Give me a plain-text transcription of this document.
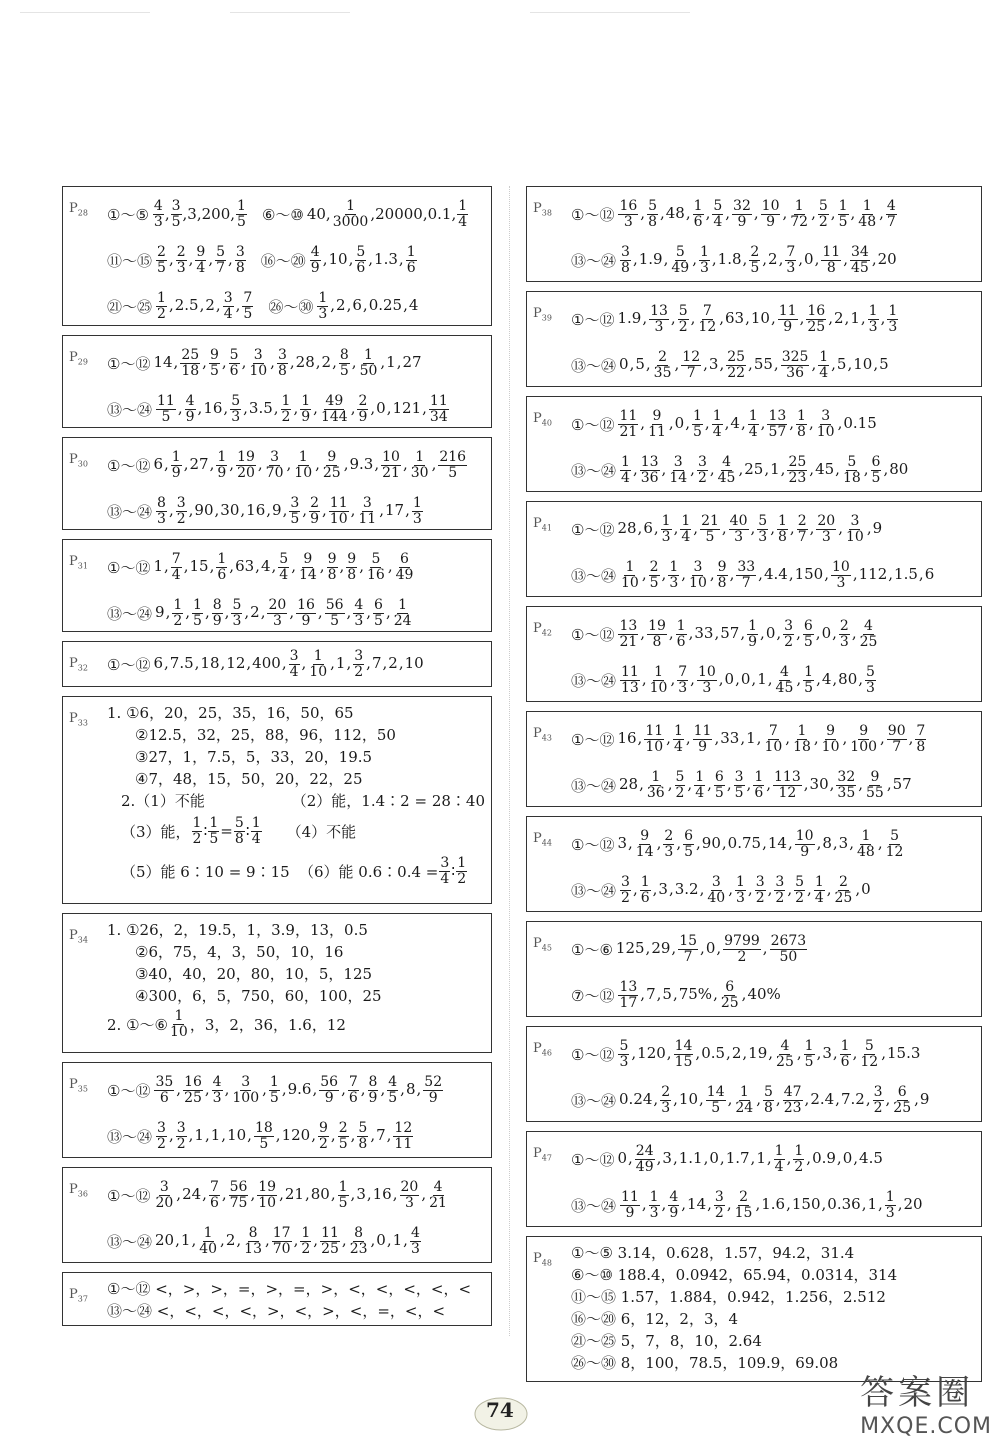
$P_{28}$ ①～⑤ $\frac{4}{3}$ , $\frac{3}{5} ,3,200$, $\frac{1}{5}$ ⑥～⑩ 40, $\frac{1}{3000} ,20000,0.1$, $\frac{1}{4}$
⑪～⑮ $\frac{2}{5}$ , $\frac{2}{3}$ , $\frac{9}{4}$ , $\frac{5}{7}$ , $\frac{3}{8}$ ⑯～⑳ $\frac{4}{9} ,10$, $\frac{5}{6} ,1.3$, $\frac{1}{6}$
㉑～㉕ $\frac{1}{2} ,2.5,2$, $\frac{3}{4}$ , $\frac{7}{5}$ ㉖～㉚ $\frac{1}{3} ,2,6,0.25,4$
$P_{29}$ ①～⑫ 14, $\frac{25}{18}$ , $\frac{9}{5}$ , $\frac{5}{6}$ , $\frac{3}{10}$ , $\frac{3}{8} ,28,2$, $\frac{8}{5}$ , $\frac{1}{50} ,1,27$
⑬～㉔ $\frac{11}{5}$ , $\frac{4}{9} ,16$, $\frac{5}{3} ,3.5$, $\frac{1}{2}$ , $\frac{1}{9}$ , $\frac{49}{144}$ , $\frac{2}{9} ,0,121$, $\frac{11}{34}$
$P_{30}$ ①～⑫ 6, $\frac{1}{9} ,27$, $\frac{1}{9}$ , $\frac{19}{20}$ , $\frac{3}{70}$ , $\frac{1}{10}$ , $\frac{9}{25} ,9.3$, $\frac{10}{21}$ , $\frac{1}{30}$ , $\frac{216}{5}$
⑬～㉔ $\frac{8}{3}$ , $\frac{3}{2} ,90,30,16,9$, $\frac{3}{5}$ , $\frac{2}{9}$ , $\frac{11}{10}$ , $\frac{3}{11} ,17$, $\frac{1}{3}$
$P_{31}$ ①～⑫ 1, $\frac{7}{4} ,15$, $\frac{1}{6} ,63,4$, $\frac{5}{4}$ , $\frac{9}{14}$ , $\frac{9}{8}$ , $\frac{9}{8}$ , $\frac{5}{16}$ , $\frac{6}{49}$
⑬～㉔ 9, $\frac{1}{2}$ , $\frac{1}{5}$ , $\frac{8}{9}$ , $\frac{5}{3} ,2$, $\frac{20}{3}$ , $\frac{16}{9}$ , $\frac{56}{5}$ , $\frac{4}{3}$ , $\frac{6}{5}$ , $\frac{1}{24}$
$P_{32}$ ①～⑫ 6,7.5,18,12,400, $\frac{3}{4}$ , $\frac{1}{10} ,1$, $\frac{3}{2} ,7,2,10$
$P_{33}$
1. ①6，20，25，35，16，50，65
②12.5，32，25，88，96，112，50
③27，1，7.5，5，33，20，19.5
④7，48，15，50，20，22，25
2.（1）不能	（2）能，1.4∶2 = 28∶40
（3）能， $\frac{1}{2}$ ∶ $\frac{1}{5} = \frac{5}{8}$ ∶ $\frac{1}{4} (4)$不能
（5）能 6∶10 = 9∶15 （6）能 0.6∶0.4 = $\frac{3}{4}$ ∶ $\frac{1}{2}$
$P_{34}$
1. ①26，2，19.5，1，3.9，13，0.5
②6，75，4，3，50，10，16
③40，40，20，80，10，5，125
④300，6，5，750，60，100，25
2. ①～⑥ $\frac{1}{10}$ ，3，2，36，1.6，12
$P_{35}$ ①～⑫ $\frac{35}{6}$ , $\frac{16}{25}$ , $\frac{4}{3}$ , $\frac{3}{100}$ , $\frac{1}{5} ,9.6$, $\frac{56}{9}$ , $\frac{7}{6}$ , $\frac{8}{9}$ , $\frac{4}{5} ,8$, $\frac{52}{9}$
⑬～㉔ $\frac{3}{2}$ , $\frac{3}{2} ,1,1,10$, $\frac{18}{5} ,120$, $\frac{9}{2}$ , $\frac{2}{5}$ , $\frac{5}{8} ,7$, $\frac{12}{11}$
$P_{36}$ ①～⑫ $\frac{3}{20} ,24$, $\frac{7}{6}$ , $\frac{56}{75}$ , $\frac{19}{10} ,21,80$, $\frac{1}{5} ,3,16$, $\frac{20}{3}$ , $\frac{4}{21}$
⑬～㉔ 20,1, $\frac{1}{40} ,2$, $\frac{8}{13}$ , $\frac{17}{70}$ , $\frac{1}{2}$ , $\frac{11}{25}$ , $\frac{8}{23} ,0,1$, $\frac{4}{3}$
$P_{37}$
①～⑫ <，>，>，=，>，=，>，<，<，<，<，<
⑬～㉔ <，<，<，<，>，<，>，<，=，<，<
$P_{38}$ ①～⑫ $\frac{16}{3}$ , $\frac{5}{8} ,48$, $\frac{1}{6}$ , $\frac{5}{4}$ , $\frac{32}{9}$ , $\frac{10}{9}$ , $\frac{1}{72}$ , $\frac{5}{2}$ , $\frac{1}{5}$ , $\frac{1}{48}$ , $\frac{4}{7}$
⑬～㉔ $\frac{3}{8} ,1.9$, $\frac{5}{49}$ , $\frac{1}{3} ,1.8$, $\frac{2}{5} ,2$, $\frac{7}{3} ,0$, $\frac{11}{8}$ , $\frac{34}{45} ,20$
$P_{39}$ ①～⑫ 1.9, $\frac{13}{3}$ , $\frac{5}{2}$ , $\frac{7}{12} ,63,10$, $\frac{11}{9}$ , $\frac{16}{25} ,2,1$, $\frac{1}{3}$ , $\frac{1}{3}$
⑬～㉔ 0,5, $\frac{2}{35}$ , $\frac{12}{7} ,3$, $\frac{25}{22} ,55$, $\frac{325}{36}$ , $\frac{1}{4} ,5,10,5$
$P_{40}$ ①～⑫ $\frac{11}{21}$ , $\frac{9}{11} ,0$, $\frac{1}{5}$ , $\frac{1}{4} ,4$, $\frac{1}{4}$ , $\frac{13}{57}$ , $\frac{1}{8}$ , $\frac{3}{10} ,0.15$
⑬～㉔ $\frac{1}{4}$ , $\frac{13}{36}$ , $\frac{3}{14}$ , $\frac{3}{2}$ , $\frac{4}{45} ,25,1$, $\frac{25}{23} ,45$, $\frac{5}{18}$ , $\frac{6}{5} ,80$
$P_{41}$ ①～⑫ 28,6, $\frac{1}{3}$ , $\frac{1}{4}$ , $\frac{21}{5}$ , $\frac{40}{3}$ , $\frac{5}{3}$ , $\frac{1}{8}$ , $\frac{2}{7}$ , $\frac{20}{3}$ , $\frac{3}{10} ,9$
⑬～㉔ $\frac{1}{10}$ , $\frac{2}{5}$ , $\frac{1}{3}$ , $\frac{3}{10}$ , $\frac{9}{8}$ , $\frac{33}{7} ,4.4,150$, $\frac{10}{3} ,112,1.5,6$
$P_{42}$ ①～⑫ $\frac{13}{21}$ , $\frac{19}{8}$ , $\frac{1}{6} ,33,57$, $\frac{1}{9} ,0$, $\frac{3}{2}$ , $\frac{6}{5} ,0$, $\frac{2}{3}$ , $\frac{4}{25}$
⑬～㉔ $\frac{11}{13}$ , $\frac{1}{10}$ , $\frac{7}{3}$ , $\frac{10}{3} ,0,0,1$, $\frac{4}{45}$ , $\frac{1}{5} ,4,80$, $\frac{5}{3}$
$P_{43}$ ①～⑫ 16, $\frac{11}{10}$ , $\frac{1}{4}$ , $\frac{11}{9} ,33,1$, $\frac{7}{10}$ , $\frac{1}{18}$ , $\frac{9}{10}$ , $\frac{9}{100}$ , $\frac{90}{7}$ , $\frac{7}{8}$
⑬～㉔ 28, $\frac{1}{36}$ , $\frac{5}{2}$ , $\frac{1}{4}$ , $\frac{6}{5}$ , $\frac{3}{5}$ , $\frac{1}{6}$ , $\frac{113}{12} ,30$, $\frac{32}{35}$ , $\frac{9}{55} ,57$
$P_{44}$ ①～⑫ 3, $\frac{9}{14}$ , $\frac{2}{3}$ , $\frac{6}{5} ,90,0.75,14$, $\frac{10}{9} ,8,3$, $\frac{1}{48}$ , $\frac{5}{12}$
⑬～㉔ $\frac{3}{2}$ , $\frac{1}{6} ,3,3.2$, $\frac{3}{40}$ , $\frac{1}{3}$ , $\frac{3}{2}$ , $\frac{3}{2}$ , $\frac{5}{2}$ , $\frac{1}{4}$ , $\frac{2}{25} ,0$
$P_{45}$ ①～⑥ 125,29, $\frac{15}{7} ,0$, $\frac{9799}{2}$ , $\frac{2673}{50}$
⑦～⑫ $\frac{13}{17} ,7,5,75\%$, $\frac{6}{25} ,40\%$
$P_{46}$ ①～⑫ $\frac{5}{3} ,120$, $\frac{14}{15} ,0.5,2,19$, $\frac{4}{25}$ , $\frac{1}{5} ,3$, $\frac{1}{6}$ , $\frac{5}{12} ,15.3$
⑬～㉔ 0.24, $\frac{2}{3} ,10$, $\frac{14}{5}$ , $\frac{1}{24}$ , $\frac{5}{8}$ , $\frac{47}{23} ,2.4,7.2$, $\frac{3}{2}$ , $\frac{6}{25} ,9$
$P_{47}$ ①～⑫ 0, $\frac{24}{49} ,3,1.1,0,1.7,1$, $\frac{1}{4}$ , $\frac{1}{2} ,0.9,0,4.5$
⑬～㉔ $\frac{11}{9}$ , $\frac{1}{3}$ , $\frac{4}{9} ,14$, $\frac{3}{2}$ , $\frac{2}{15} ,1.6,150,0.36,1$, $\frac{1}{3} ,20$
$P_{48}$
①～⑤ 3.14，0.628，1.57，94.2，31.4
⑥～⑩ 188.4，0.0942，65.94，0.0314，314
⑪～⑮ 1.57，1.884，0.942，1.256，2.512
⑯～⑳ 6，12，2，3，4
㉑～㉕ 5，7，8，10，2.64
㉖～㉚ 8，100，78.5，109.9，69.08
74	答案圈
MXQE.COM
